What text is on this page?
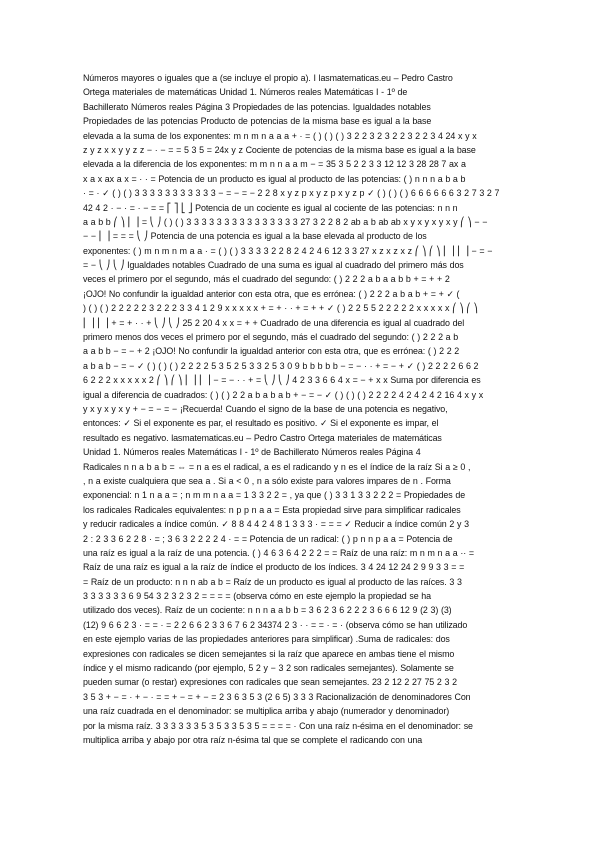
Números mayores o iguales que a (se incluye el propio a). I lasmatematicas.eu – Pedro Castro
Ortega materiales de matemáticas Unidad 1. Números reales Matemáticas I - 1º de
Bachillerato Números reales Página 3 Propiedades de las potencias. Igualdades notables
Propiedades de las potencias Producto de potencias de la misma base es igual a la base
elevada a la suma de los exponentes: m n m n a a a + · = ( ) ( ) ( ) 3 2 2 3 2 3 2 2 3 2 2 3 4 24 x y x
z y z x x y y z z − · − = = 5 3 5 = 24x y z Cociente de potencias de la misma base es igual a la base
elevada a la diferencia de los exponentes: m m n n a a m − = 35 3 5 2 2 3 3 12 12 3 28 28 7 ax a
x a x ax a x = · · = Potencia de un producto es igual al producto de las potencias: ( ) n n n a b a b
· = · ✓ ( ) ( ) 3 3 3 3 3 3 3 3 3 3 3 − = − = − 2 2 8 x y z p x y z p x y z p ✓ ( ) ( ) ( ) 6 6 6 6 6 6 3 2 7 3 2 7
42 4 2 · − · = · − = = ⎡ ⎤ ⎣ ⎦ Potencia de un cociente es igual al cociente de las potencias: n n n
a a b b ⎛ ⎞ ⎜ ⎟ = ⎝ ⎠ ( ) ( ) 3 3 3 3 3 3 3 3 3 3 3 3 3 3 3 27 3 2 2 8 2 ab a b ab ab x y x y x y x y ⎛ ⎞ − −
− − ⎜ ⎟ = = = ⎝ ⎠ Potencia de una potencia es igual a la base elevada al producto de los
exponentes: ( ) m n m n m a a · = ( ) ( ) 3 3 3 3 2 2 8 2 4 2 4 6 12 3 3 27 x z x z x z ⎛ ⎞ ⎛ ⎞ ⎜ ⎟ ⎜ ⎟ − = −
= − ⎝ ⎠ ⎝ ⎠ Igualdades notables Cuadrado de una suma es igual al cuadrado del primero más dos
veces el primero por el segundo, más el cuadrado del segundo: ( ) 2 2 2 a b a a b b + = + + 2
¡OJO! No confundir la igualdad anterior con esta otra, que es errónea: ( ) 2 2 2 a b a b + = + ✓ (
) ( ) ( ) 2 2 2 2 2 3 2 2 2 3 3 4 1 2 9 x x x x x + = + · · + = + + ✓ ( ) 2 2 5 5 2 2 2 2 2 x x x x x ⎛ ⎞ ⎛ ⎞
⎜ ⎟ ⎜ ⎟ + = + · · + ⎝ ⎠ ⎝ ⎠ 25 2 20 4 x x = + + Cuadrado de una diferencia es igual al cuadrado del
primero menos dos veces el primero por el segundo, más el cuadrado del segundo: ( ) 2 2 2 a b
a a b b − = − + 2 ¡OJO! No confundir la igualdad anterior con esta otra, que es errónea: ( ) 2 2 2
a b a b − = − ✓ ( ) ( ) ( ) 2 2 2 2 5 3 5 2 5 3 3 2 5 3 0 9 b b b b b − = − · · + = − + ✓ ( ) 2 2 2 2 6 6 2
6 2 2 2 x x x x x 2 ⎛ ⎞ ⎛ ⎞ ⎜ ⎟ ⎜ ⎟ − = − · · + = ⎝ ⎠ ⎝ ⎠ 4 2 3 3 6 6 4 x = − + x x Suma por diferencia es
igual a diferencia de cuadrados: ( ) ( ) 2 2 a b a b a b + − = − ✓ ( ) ( ) ( ) 2 2 2 2 4 2 4 2 4 2 16 4 x y x
y x y x y x y + − = − = − ¡Recuerda! Cuando el signo de la base de una potencia es negativo,
entonces: ✓ Si el exponente es par, el resultado es positivo. ✓ Si el exponente es impar, el
resultado es negativo. lasmatematicas.eu – Pedro Castro Ortega materiales de matemáticas
Unidad 1. Números reales Matemáticas I - 1º de Bachillerato Números reales Página 4
Radicales n n a b a b = ⇔ = n a es el radical, a es el radicando y n es el índice de la raíz Si a ≥ 0 ,
, n a existe cualquiera que sea a . Si a < 0 , n a sólo existe para valores impares de n . Forma
exponencial: n 1 n a a = ; n m m n a a = 1 3 3 2 2 = , ya que ( ) 3 3 1 3 3 2 2 2 = Propiedades de
los radicales Radicales equivalentes: n p p n a a = Esta propiedad sirve para simplificar radicales
y reducir radicales a índice común. ✓ 8 8 4 4 2 4 8 1 3 3 3 · = = = ✓ Reducir a índice común 2 y 3
2 : 2 3 3 6 2 2 8 · = ; 3 6 3 2 2 2 2 4 · = = Potencia de un radical: ( ) p n n p a a = Potencia de
una raíz es igual a la raíz de una potencia. ( ) 4 6 3 6 4 2 2 2 = = Raíz de una raíz: m n m n a a ·· =
Raíz de una raíz es igual a la raíz de índice el producto de los índices. 3 4 24 12 24 2 9 9 3 3 = =
= Raíz de un producto: n n n ab a b = Raíz de un producto es igual al producto de las raíces. 3 3
3 3 3 3 3 3 6 9 54 3 2 3 2 3 2 = = = = (observa cómo en este ejemplo la propiedad se ha
utilizado dos veces). Raíz de un cociente: n n n a a b b = 3 6 2 3 6 2 2 2 3 6 6 6 12 9 (2 3) (3)
(12) 9 6 6 2 3 · = = · = 2 2 6 6 2 3 3 6 7 6 2 34374 2 3 · · = = · = · (observa cómo se han utilizado
en este ejemplo varias de las propiedades anteriores para simplificar) .Suma de radicales: dos
expresiones con radicales se dicen semejantes si la raíz que aparece en ambas tiene el mismo
índice y el mismo radicando (por ejemplo, 5 2 y − 3 2 son radicales semejantes). Solamente se
pueden sumar (o restar) expresiones con radicales que sean semejantes. 23 2 12 2 27 75 2 3 2
3 5 3 + − = · + − · = = + − = + − = 2 3 6 3 5 3 (2 6 5) 3 3 3 Racionalización de denominadores Con
una raíz cuadrada en el denominador: se multiplica arriba y abajo (numerador y denominador)
por la misma raíz. 3 3 3 3 3 3 5 3 5 3 3 5 3 5 = = = = · Con una raíz n-ésima en el denominador: se
multiplica arriba y abajo por otra raíz n-ésima tal que se complete el radicando con una
